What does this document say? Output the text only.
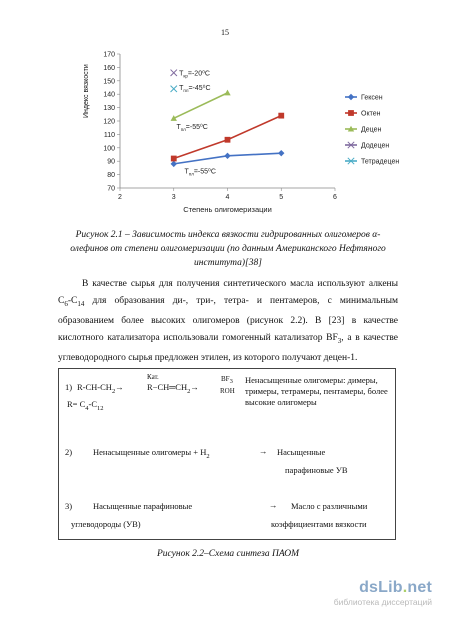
15
Индекс вязкости
70
80
90
100
110
120
130
140
150
160
170
2	3	4	5	6
Степень олигомеризации
$Т_{кр}=-20^0С$
$Т_{пл}=-45^0С$
$Т_{пл}=-55^0С$
$Т_{пл}=-55^0С$
Гексен
Октен
Децен
Додецен
Тетрадецен
Рисунок 2.1 – Зависимость индекса вязкости гидрированных олигомеров α-олефинов от степени олигомеризации (по данным Американского Нефтяного института)[38]
В качестве сырья для получения синтетического масла используют алкены $С_6-С_{14}$ для образования ди-, три-, тетра- и пентамеров, с минимальным образованием более высоких олигомеров (рисунок 2.2). В [23] в качестве кислотного катализатора использовали гомогенный катализатор $BF_3$, а в качестве углеводородного сырья предложен этилен, из которого получают децен-1.
1) $R-CH-CH_2\to$
Кат.
$R-CH═CH_2\to$
$BF_3$
ROH
$R= C_4-C_{12}$
Ненасыщенные олигомеры: димеры, тримеры, тетрамеры, пентамеры, более высокие олигомеры
2) Ненасыщенные олигомеры + $H_2$
→ Насыщенные
парафиновые УВ
3) Насыщенные парафиновые
углеводороды (УВ)
→ Масло с различными
коэффициентами вязкости
Рисунок 2.2–Схема синтеза ПАОМ
dsLib.net
библиотека диссертаций
